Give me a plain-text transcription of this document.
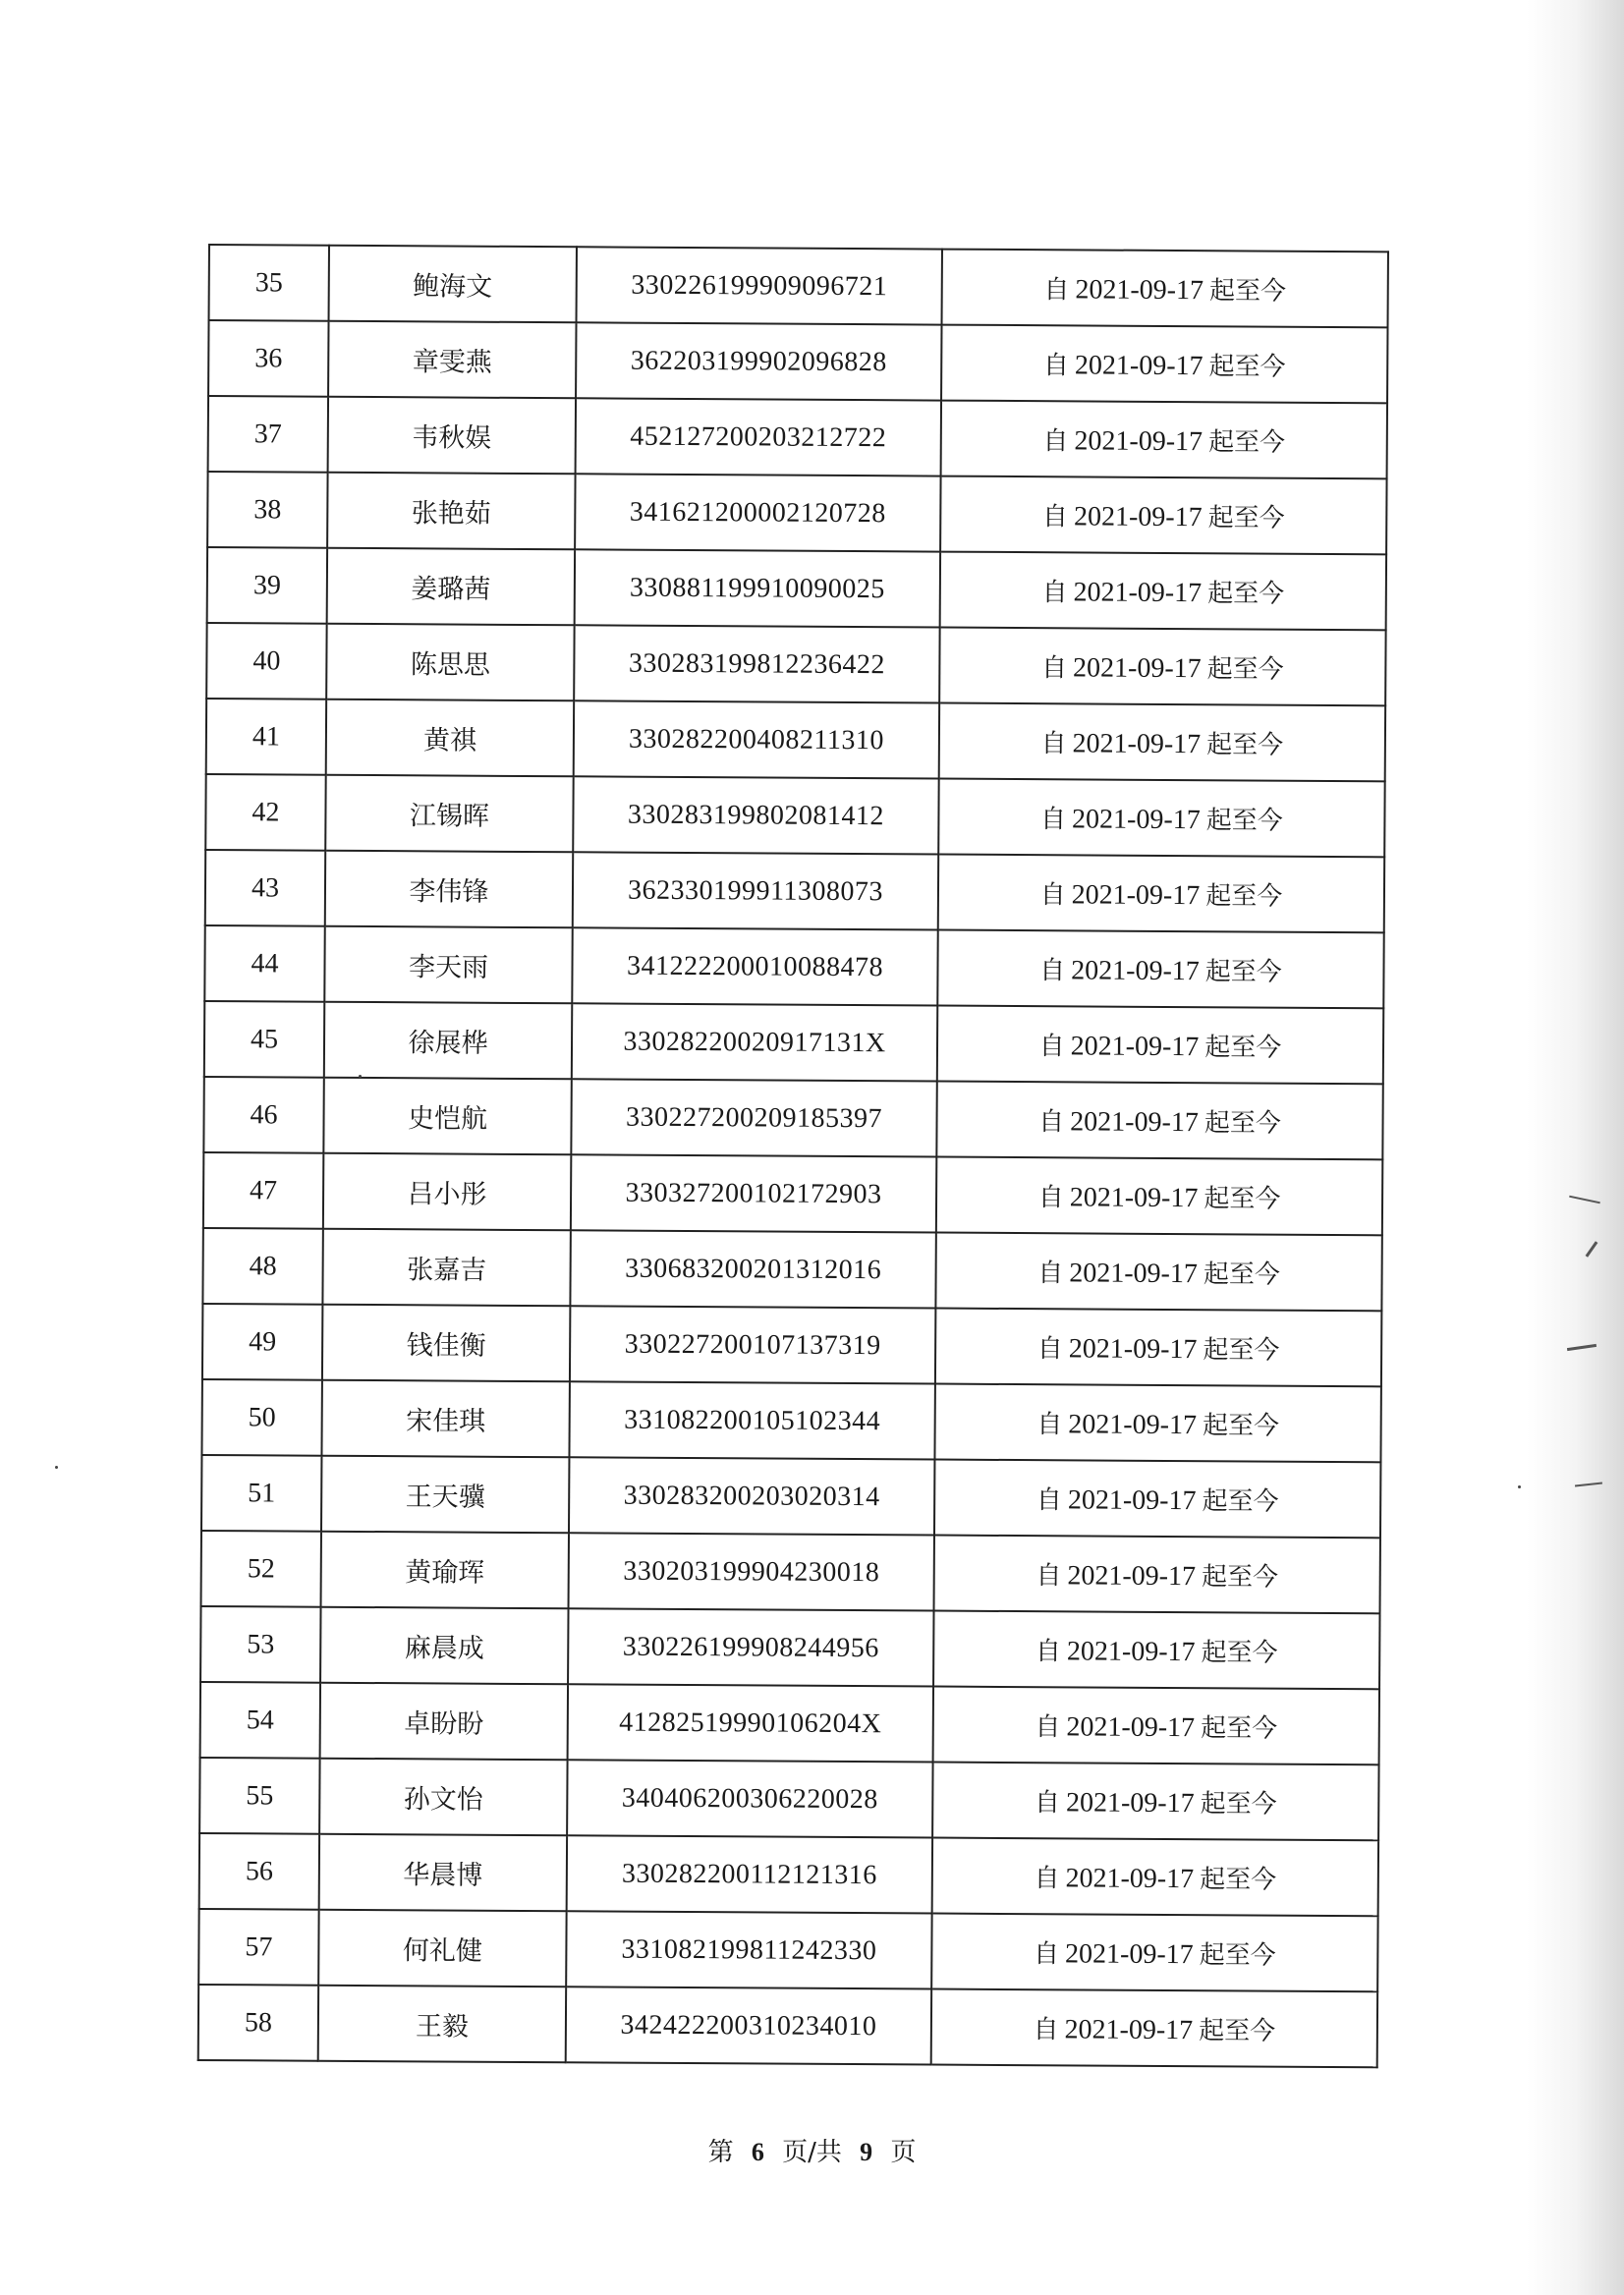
35	鲍海文	330226199909096721	自 2021-09-17 起至今
36	章雯燕	362203199902096828	自 2021-09-17 起至今
37	韦秋娱	452127200203212722	自 2021-09-17 起至今
38	张艳茹	341621200002120728	自 2021-09-17 起至今
39	姜璐茜	330881199910090025	自 2021-09-17 起至今
40	陈思思	330283199812236422	自 2021-09-17 起至今
41	黄祺	330282200408211310	自 2021-09-17 起至今
42	江锡晖	330283199802081412	自 2021-09-17 起至今
43	李伟锋	362330199911308073	自 2021-09-17 起至今
44	李天雨	341222200010088478	自 2021-09-17 起至今
45	徐展桦	33028220020917131X	自 2021-09-17 起至今
46	史恺航	330227200209185397	自 2021-09-17 起至今
47	吕小彤	330327200102172903	自 2021-09-17 起至今
48	张嘉吉	330683200201312016	自 2021-09-17 起至今
49	钱佳衡	330227200107137319	自 2021-09-17 起至今
50	宋佳琪	331082200105102344	自 2021-09-17 起至今
51	王天骥	330283200203020314	自 2021-09-17 起至今
52	黄瑜珲	330203199904230018	自 2021-09-17 起至今
53	麻晨成	330226199908244956	自 2021-09-17 起至今
54	卓盼盼	41282519990106204X	自 2021-09-17 起至今
55	孙文怡	340406200306220028	自 2021-09-17 起至今
56	华晨博	330282200112121316	自 2021-09-17 起至今
57	何礼健	331082199811242330	自 2021-09-17 起至今
58	王毅	342422200310234010	自 2021-09-17 起至今
第 6 页/共 9 页
